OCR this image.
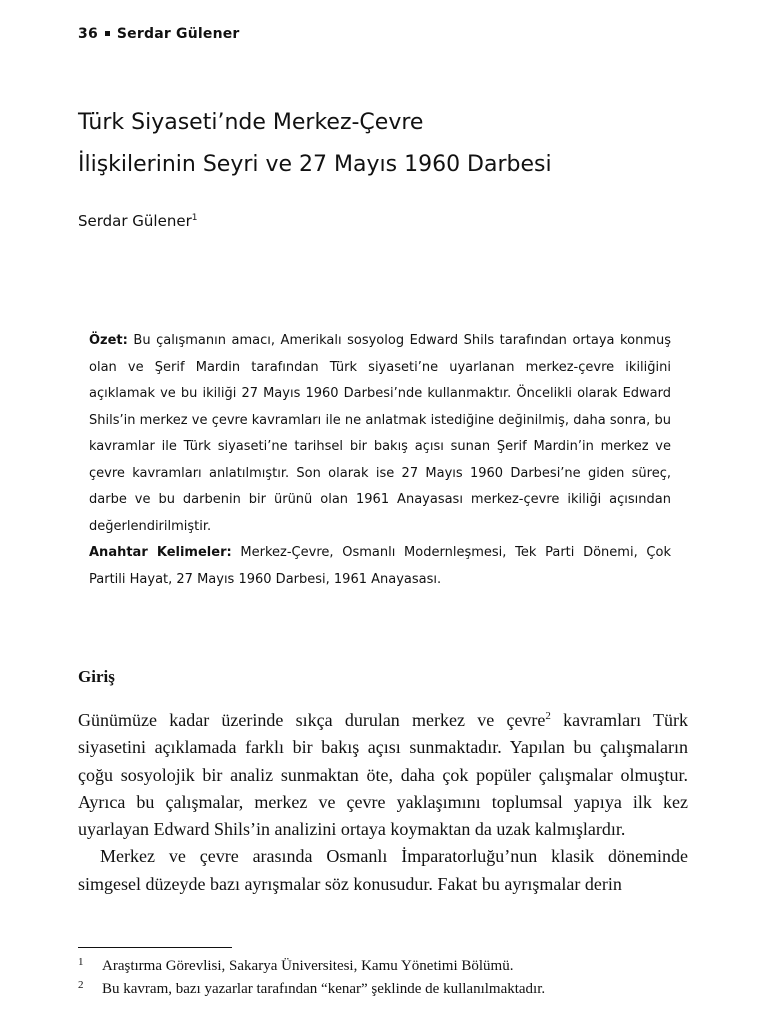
36 Serdar Gülener
Türk Siyaseti’nde Merkez-Çevre
İlişkilerinin Seyri ve 27 Mayıs 1960 Darbesi
Serdar Gülener$^1$

Özet: Bu çalışmanın amacı, Amerikalı sosyolog Edward Shils tarafından ortaya konmuş olan ve Şerif Mardin tarafından Türk siyaseti’ne uyarlanan merkez-çevre ikiliğini açıklamak ve bu ikiliği 27 Mayıs 1960 Darbesi’nde kullanmaktır. Öncelikli olarak Edward Shils’in merkez ve çevre kavramları ile ne anlatmak istediğine değinilmiş, daha sonra, bu kavramlar ile Türk siyaseti’ne tarihsel bir bakış açısı sunan Şerif Mardin’in merkez ve çevre kavramları anlatılmıştır. Son olarak ise 27 Mayıs 1960 Darbesi’ne giden süreç, darbe ve bu darbenin bir ürünü olan 1961 Anayasası merkez-çevre ikiliği açısından değerlendirilmiştir.

Anahtar Kelimeler: Merkez-Çevre, Osmanlı Modernleşmesi, Tek Parti Dönemi, Çok Partili Hayat, 27 Mayıs 1960 Darbesi, 1961 Anayasası.

Giriş

Günümüze kadar üzerinde sıkça durulan merkez ve çevre$^2$ kavramları Türk siyasetini açıklamada farklı bir bakış açısı sunmaktadır. Yapılan bu çalışmaların çoğu sosyolojik bir analiz sunmaktan öte, daha çok popüler çalışmalar olmuştur. Ayrıca bu çalışmalar, merkez ve çevre yaklaşımını toplumsal yapıya ilk kez uyarlayan Edward Shils’in analizini ortaya koymaktan da uzak kalmışlardır.

Merkez ve çevre arasında Osmanlı İmparatorluğu’nun klasik döneminde simgesel düzeyde bazı ayrışmalar söz konusudur. Fakat bu ayrışmalar derin

1 Araştırma Görevlisi, Sakarya Üniversitesi, Kamu Yönetimi Bölümü.
2 Bu kavram, bazı yazarlar tarafından “kenar” şeklinde de kullanılmaktadır.
